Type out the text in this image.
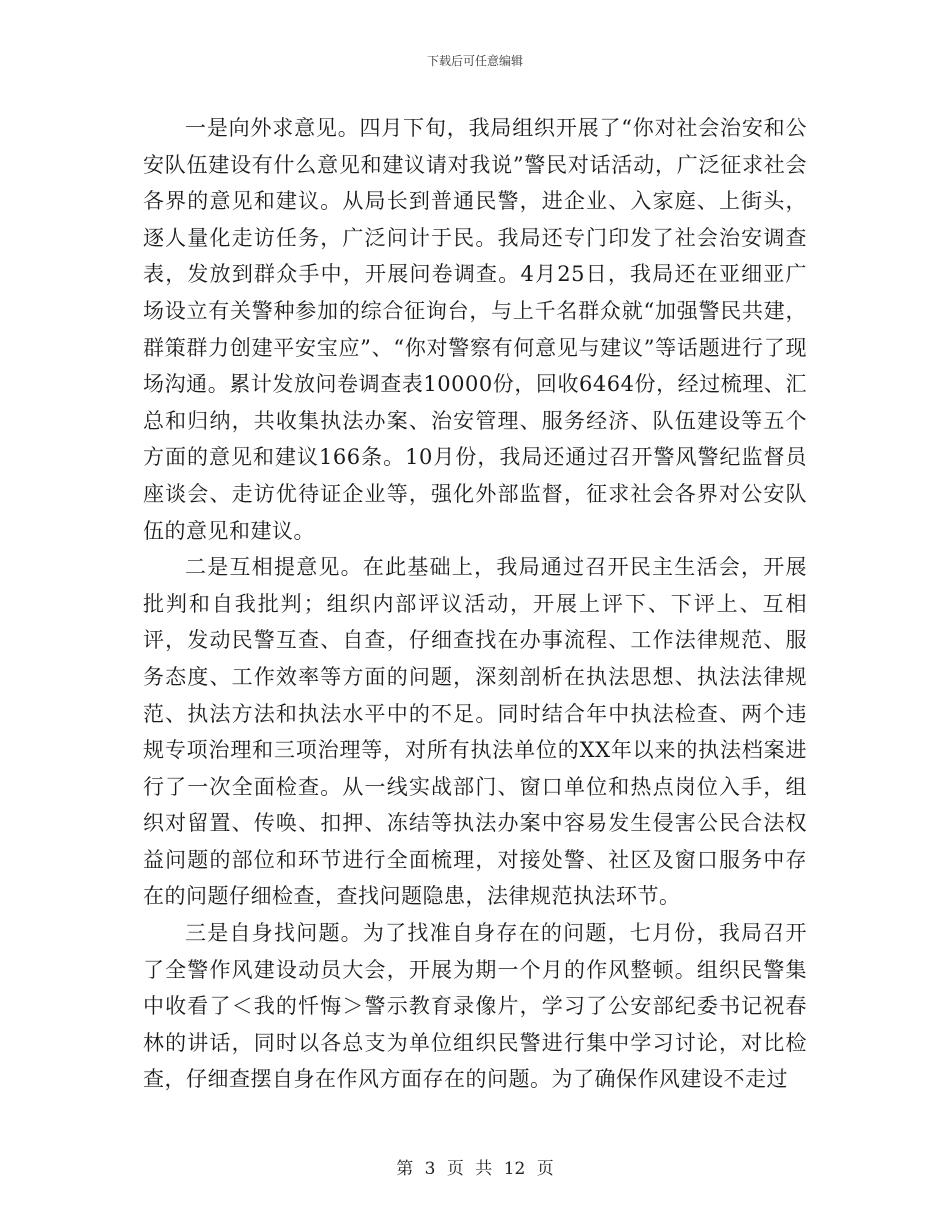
下载后可任意编辑

一是向外求意见。四月下旬，我局组织开展了“你对社会治安和公安队伍建设有什么意见和建议请对我说”警民对话活动，广泛征求社会各界的意见和建议。从局长到普通民警，进企业、入家庭、上街头，逐人量化走访任务，广泛问计于民。我局还专门印发了社会治安调查表，发放到群众手中，开展问卷调查。4月25日，我局还在亚细亚广场设立有关警种参加的综合征询台，与上千名群众就“加强警民共建，群策群力创建平安宝应”、“你对警察有何意见与建议”等话题进行了现场沟通。累计发放问卷调查表10000份，回收6464份，经过梳理、汇总和归纳，共收集执法办案、治安管理、服务经济、队伍建设等五个方面的意见和建议166条。10月份，我局还通过召开警风警纪监督员座谈会、走访优待证企业等，强化外部监督，征求社会各界对公安队伍的意见和建议。

二是互相提意见。在此基础上，我局通过召开民主生活会，开展批判和自我批判；组织内部评议活动，开展上评下、下评上、互相评，发动民警互查、自查，仔细查找在办事流程、工作法律规范、服务态度、工作效率等方面的问题，深刻剖析在执法思想、执法法律规范、执法方法和执法水平中的不足。同时结合年中执法检查、两个违规专项治理和三项治理等，对所有执法单位的XX年以来的执法档案进行了一次全面检查。从一线实战部门、窗口单位和热点岗位入手，组织对留置、传唤、扣押、冻结等执法办案中容易发生侵害公民合法权益问题的部位和环节进行全面梳理，对接处警、社区及窗口服务中存在的问题仔细检查，查找问题隐患，法律规范执法环节。

三是自身找问题。为了找准自身存在的问题，七月份，我局召开了全警作风建设动员大会，开展为期一个月的作风整顿。组织民警集中收看了＜我的忏悔＞警示教育录像片，学习了公安部纪委书记祝春林的讲话，同时以各总支为单位组织民警进行集中学习讨论，对比检查，仔细查摆自身在作风方面存在的问题。为了确保作风建设不走过

第 3 页 共 12 页
